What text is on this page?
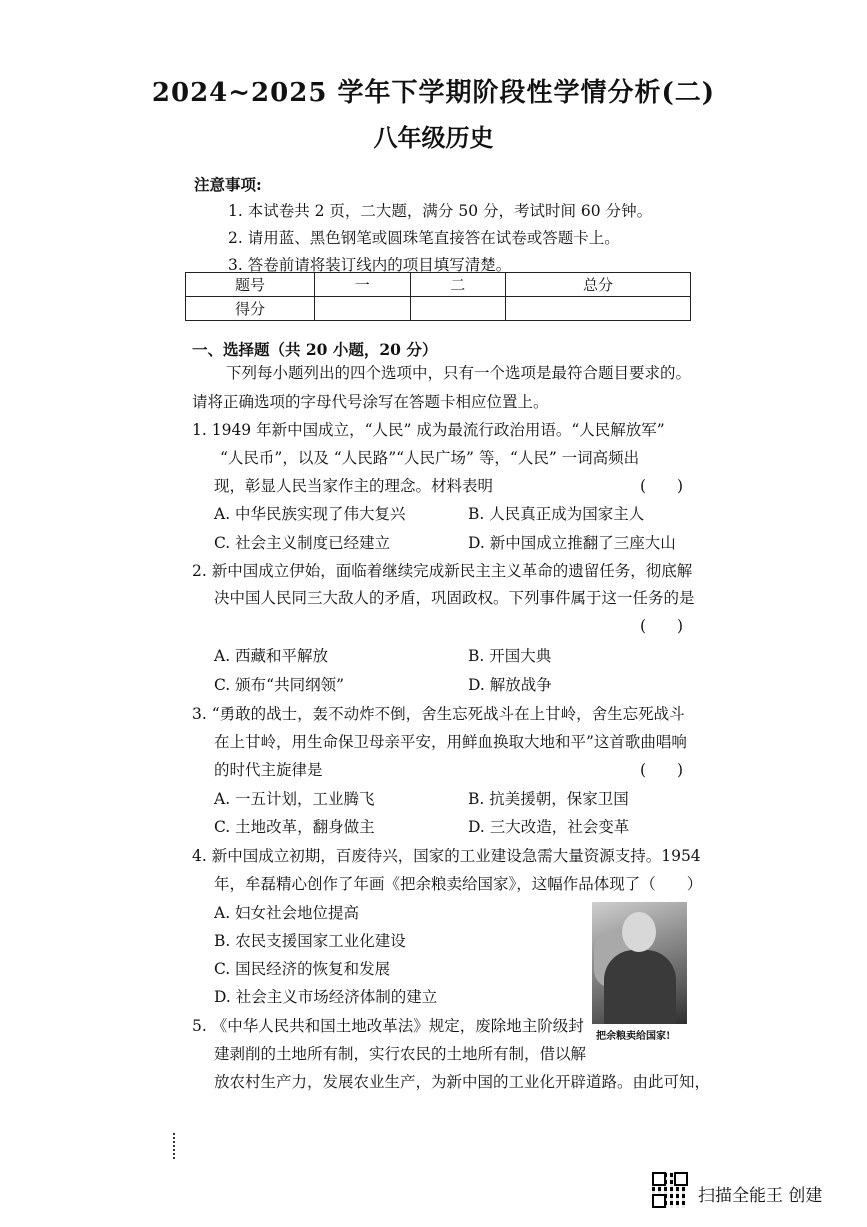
2024~2025 学年下学期阶段性学情分析(二)
八年级历史
注意事项:
1. 本试卷共 2 页，二大题，满分 50 分，考试时间 60 分钟。
2. 请用蓝、黑色钢笔或圆珠笔直接答在试卷或答题卡上。
3. 答卷前请将装订线内的项目填写清楚。
题号	一	二	总分
得分			
一、选择题（共 20 小题，20 分）
下列每小题列出的四个选项中，只有一个选项是最符合题目要求的。
请将正确选项的字母代号涂写在答题卡相应位置上。
1. 1949 年新中国成立，“人民” 成为最流行政治用语。“人民解放军”
“人民币”，以及 “人民路”“人民广场” 等，“人民” 一词高频出
现，彰显人民当家作主的理念。材料表明	(　　)
A. 中华民族实现了伟大复兴	B. 人民真正成为国家主人
C. 社会主义制度已经建立	D. 新中国成立推翻了三座大山
2. 新中国成立伊始，面临着继续完成新民主主义革命的遗留任务，彻底解
决中国人民同三大敌人的矛盾，巩固政权。下列事件属于这一任务的是
(　　)
A. 西藏和平解放	B. 开国大典
C. 颁布“共同纲领”	D. 解放战争
3. “勇敢的战士，轰不动炸不倒，舍生忘死战斗在上甘岭，舍生忘死战斗
在上甘岭，用生命保卫母亲平安，用鲜血换取大地和平”这首歌曲唱响
的时代主旋律是	(　　)
A. 一五计划，工业腾飞	B. 抗美援朝，保家卫国
C. 土地改革，翻身做主	D. 三大改造，社会变革
4. 新中国成立初期，百废待兴，国家的工业建设急需大量资源支持。1954
年，牟磊精心创作了年画《把余粮卖给国家》，这幅作品体现了（　　）
A. 妇女社会地位提高
B. 农民支援国家工业化建设
C. 国民经济的恢复和发展
D. 社会主义市场经济体制的建立
把余粮卖给国家!
5. 《中华人民共和国土地改革法》规定，废除地主阶级封
建剥削的土地所有制，实行农民的土地所有制，借以解
放农村生产力，发展农业生产，为新中国的工业化开辟道路。由此可知，
扫描全能王 创建
